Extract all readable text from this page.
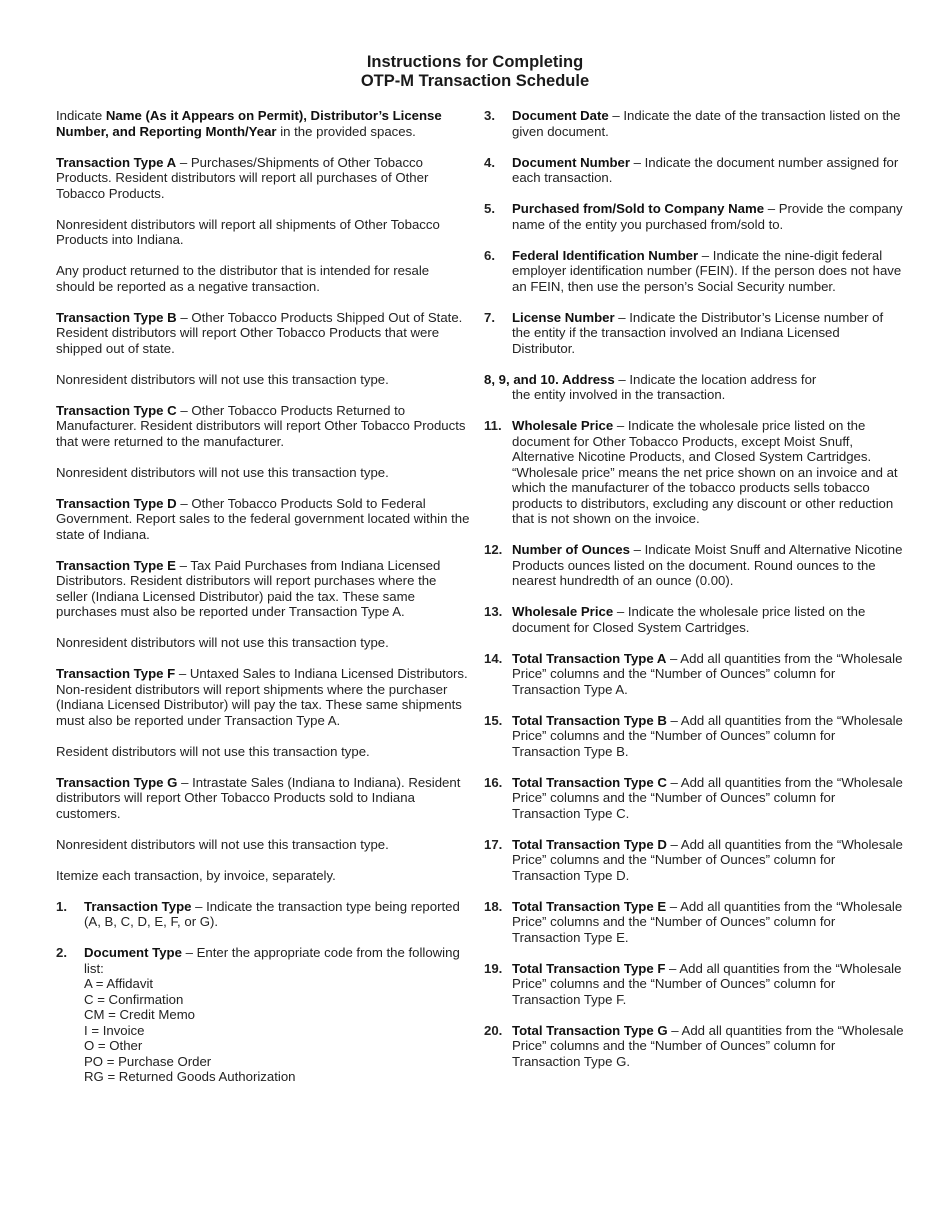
Instructions for Completing
OTP-M Transaction Schedule

Indicate Name (As it Appears on Permit), Distributor’s License Number, and Reporting Month/Year in the provided spaces.

Transaction Type A – Purchases/Shipments of Other Tobacco Products. Resident distributors will report all purchases of Other Tobacco Products.

Nonresident distributors will report all shipments of Other Tobacco Products into Indiana.

Any product returned to the distributor that is intended for resale should be reported as a negative transaction.

Transaction Type B – Other Tobacco Products Shipped Out of State. Resident distributors will report Other Tobacco Products that were shipped out of state.

Nonresident distributors will not use this transaction type.

Transaction Type C – Other Tobacco Products Returned to Manufacturer. Resident distributors will report Other Tobacco Products that were returned to the manufacturer.

Nonresident distributors will not use this transaction type.

Transaction Type D – Other Tobacco Products Sold to Federal Government. Report sales to the federal government located within the state of Indiana.

Transaction Type E – Tax Paid Purchases from Indiana Licensed Distributors. Resident distributors will report purchases where the seller (Indiana Licensed Distributor) paid the tax. These same purchases must also be reported under Transaction Type A.

Nonresident distributors will not use this transaction type.

Transaction Type F – Untaxed Sales to Indiana Licensed Distributors. Non-resident distributors will report shipments where the purchaser (Indiana Licensed Distributor) will pay the tax. These same shipments must also be reported under Transaction Type A.

Resident distributors will not use this transaction type.

Transaction Type G – Intrastate Sales (Indiana to Indiana). Resident distributors will report Other Tobacco Products sold to Indiana customers.

Nonresident distributors will not use this transaction type.

Itemize each transaction, by invoice, separately.

1. Transaction Type – Indicate the transaction type being reported (A, B, C, D, E, F, or G).
2. Document Type – Enter the appropriate code from the following list:
A = Affidavit
C = Confirmation
CM = Credit Memo
I = Invoice
O = Other
PO = Purchase Order
RG = Returned Goods Authorization
3. Document Date – Indicate the date of the transaction listed on the given document.
4. Document Number – Indicate the document number assigned for each transaction.
5. Purchased from/Sold to Company Name – Provide the company name of the entity you purchased from/sold to.
6. Federal Identification Number – Indicate the nine-digit federal employer identification number (FEIN). If the person does not have an FEIN, then use the person’s Social Security number.
7. License Number – Indicate the Distributor’s License number of the entity if the transaction involved an Indiana Licensed Distributor.
8, 9, and 10. Address – Indicate the location address for
the entity involved in the transaction.
11. Wholesale Price – Indicate the wholesale price listed on the document for Other Tobacco Products, except Moist Snuff, Alternative Nicotine Products, and Closed System Cartridges. “Wholesale price” means the net price shown on an invoice and at which the manufacturer of the tobacco products sells tobacco products to distributors, excluding any discount or other reduction that is not shown on the invoice.
12. Number of Ounces – Indicate Moist Snuff and Alternative Nicotine Products ounces listed on the document. Round ounces to the nearest hundredth of an ounce (0.00).
13. Wholesale Price – Indicate the wholesale price listed on the document for Closed System Cartridges.
14. Total Transaction Type A – Add all quantities from the “Wholesale Price” columns and the “Number of Ounces” column for Transaction Type A.
15. Total Transaction Type B – Add all quantities from the “Wholesale Price” columns and the “Number of Ounces” column for Transaction Type B.
16. Total Transaction Type C – Add all quantities from the “Wholesale Price” columns and the “Number of Ounces” column for Transaction Type C.
17. Total Transaction Type D – Add all quantities from the “Wholesale Price” columns and the “Number of Ounces” column for Transaction Type D.
18. Total Transaction Type E – Add all quantities from the “Wholesale Price” columns and the “Number of Ounces” column for Transaction Type E.
19. Total Transaction Type F – Add all quantities from the “Wholesale Price” columns and the “Number of Ounces” column for Transaction Type F.
20. Total Transaction Type G – Add all quantities from the “Wholesale Price” columns and the “Number of Ounces” column for Transaction Type G.
